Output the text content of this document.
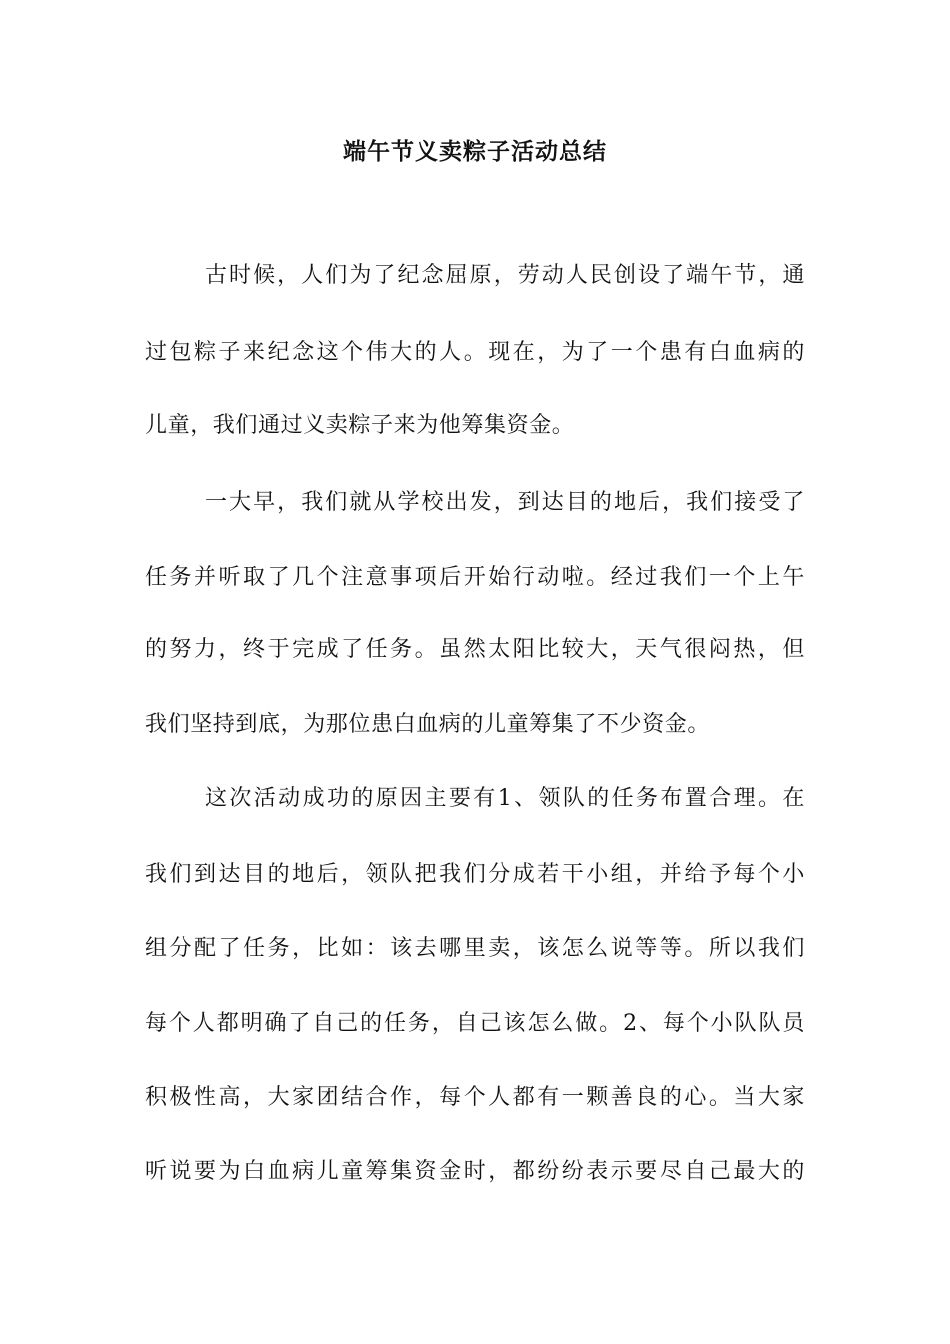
端午节义卖粽子活动总结
古时候，人们为了纪念屈原，劳动人民创设了端午节，通
过包粽子来纪念这个伟大的人。现在，为了一个患有白血病的
儿童，我们通过义卖粽子来为他筹集资金。
一大早，我们就从学校出发，到达目的地后，我们接受了
任务并听取了几个注意事项后开始行动啦。经过我们一个上午
的努力，终于完成了任务。虽然太阳比较大，天气很闷热，但
我们坚持到底，为那位患白血病的儿童筹集了不少资金。
这次活动成功的原因主要有1、领队的任务布置合理。在
我们到达目的地后，领队把我们分成若干小组，并给予每个小
组分配了任务，比如：该去哪里卖，该怎么说等等。所以我们
每个人都明确了自己的任务，自己该怎么做。2、每个小队队员
积极性高，大家团结合作，每个人都有一颗善良的心。当大家
听说要为白血病儿童筹集资金时，都纷纷表示要尽自己最大的
